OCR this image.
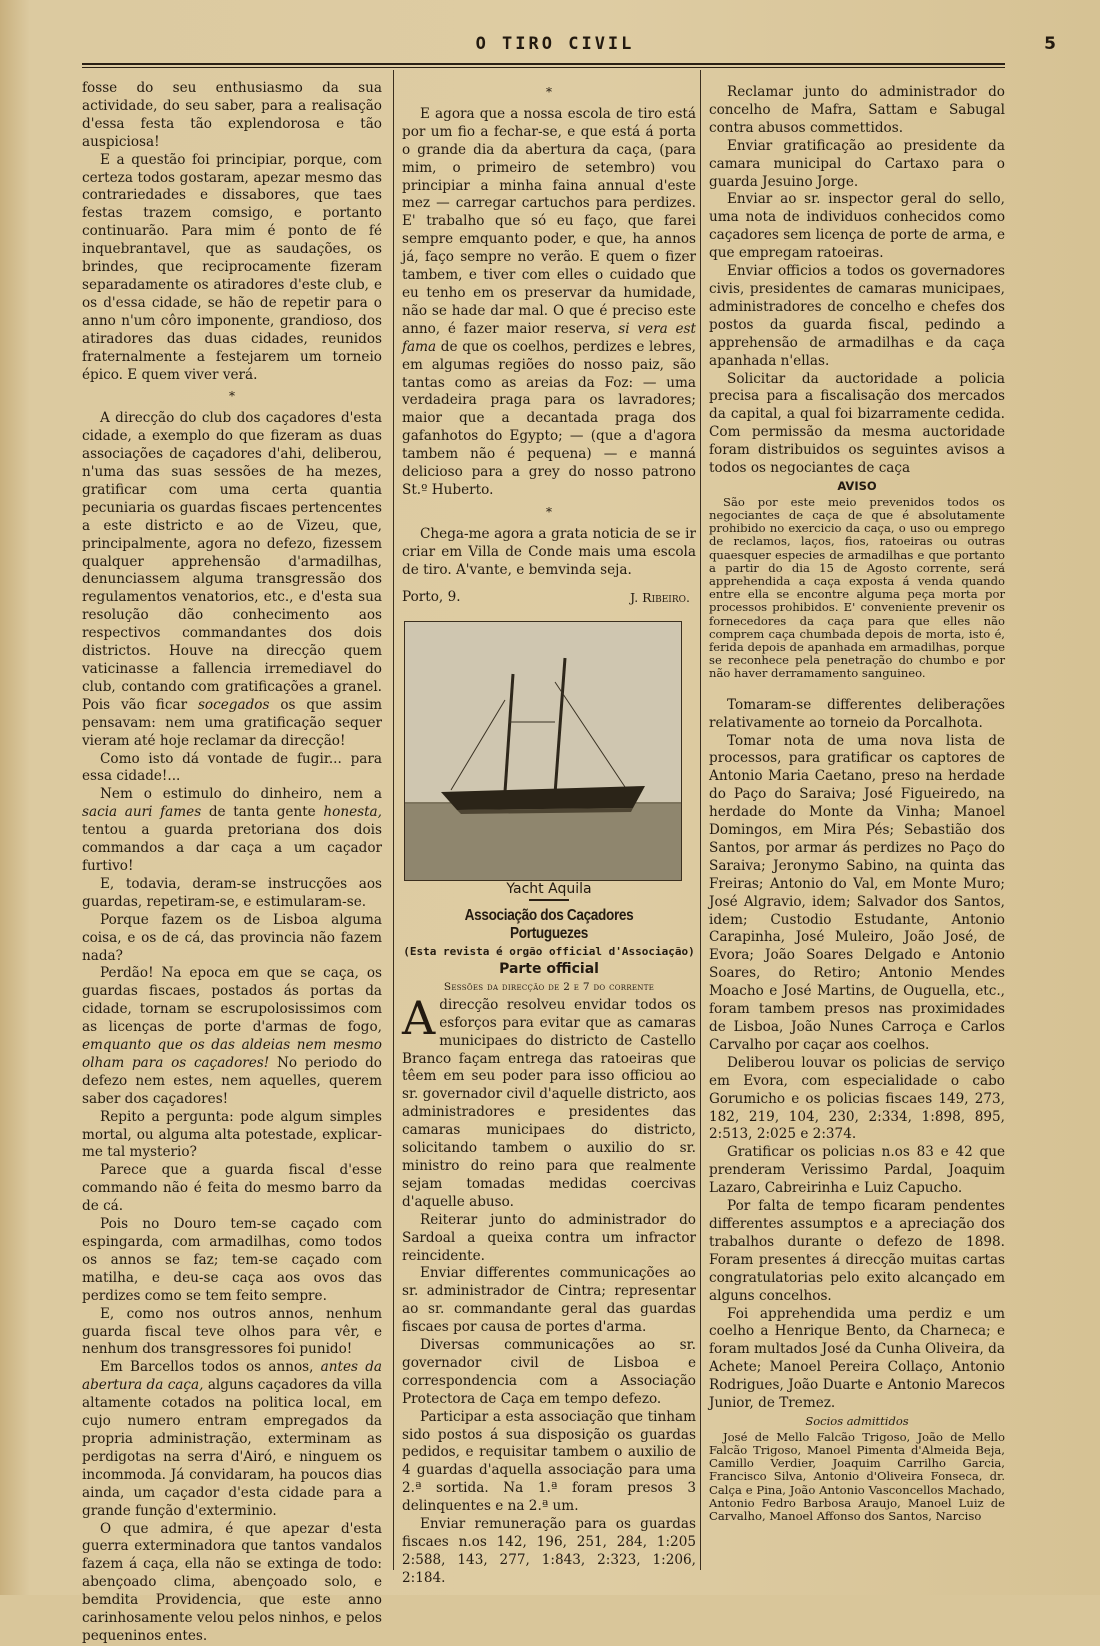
O TIRO CIVIL	5

fosse do seu enthusiasmo da sua actividade, do seu saber, para a realisação d'essa festa tão explendorosa e tão auspiciosa!

E a questão foi principiar, porque, com certeza todos gostaram, apezar mesmo das contrariedades e dissabores, que taes festas trazem comsigo, e portanto continuarão. Para mim é ponto de fé inquebrantavel, que as saudações, os brindes, que reciprocamente fizeram separadamente os atiradores d'este club, e os d'essa cidade, se hão de repetir para o anno n'um côro imponente, grandioso, dos atiradores das duas cidades, reunidos fraternalmente a festejarem um torneio épico. E quem viver verá.

*

A direcção do club dos caçadores d'esta cidade, a exemplo do que fizeram as duas associações de caçadores d'ahi, deliberou, n'uma das suas sessões de ha mezes, gratificar com uma certa quantia pecuniaria os guardas fiscaes pertencentes a este districto e ao de Vizeu, que, principalmente, agora no defezo, fizessem qualquer apprehensão d'armadilhas, denunciassem alguma transgressão dos regulamentos venatorios, etc., e d'esta sua resolução dão conhecimento aos respectivos commandantes dos dois districtos. Houve na direcção quem vaticinasse a fallencia irremediavel do club, contando com gratificações a granel. Pois vão ficar socegados os que assim pensavam: nem uma gratificação sequer vieram até hoje reclamar da direcção!

Como isto dá vontade de fugir... para essa cidade!...

Nem o estimulo do dinheiro, nem a sacia auri fames de tanta gente honesta, tentou a guarda pretoriana dos dois commandos a dar caça a um caçador furtivo!

E, todavia, deram-se instrucções aos guardas, repetiram-se, e estimularam-se.

Porque fazem os de Lisboa alguma coisa, e os de cá, das provincia não fazem nada?

Perdão! Na epoca em que se caça, os guardas fiscaes, postados ás portas da cidade, tornam se escrupolosissimos com as licenças de porte d'armas de fogo, emquanto que os das aldeias nem mesmo olham para os caçadores! No periodo do defezo nem estes, nem aquelles, querem saber dos caçadores!

Repito a pergunta: pode algum simples mortal, ou alguma alta potestade, explicar-me tal mysterio?

Parece que a guarda fiscal d'esse commando não é feita do mesmo barro da de cá.

Pois no Douro tem-se caçado com espingarda, com armadilhas, como todos os annos se faz; tem-se caçado com matilha, e deu-se caça aos ovos das perdizes como se tem feito sempre.

E, como nos outros annos, nenhum guarda fiscal teve olhos para vêr, e nenhum dos transgressores foi punido!

Em Barcellos todos os annos, antes da abertura da caça, alguns caçadores da villa altamente cotados na politica local, em cujo numero entram empregados da propria administração, exterminam as perdigotas na serra d'Airó, e ninguem os incommoda. Já convidaram, ha poucos dias ainda, um caçador d'esta cidade para a grande função d'exterminio.

O que admira, é que apezar d'esta guerra exterminadora que tantos vandalos fazem á caça, ella não se extinga de todo: abençoado clima, abençoado solo, e bemdita Providencia, que este anno carinhosamente velou pelos ninhos, e pelos pequeninos entes.

*

E agora que a nossa escola de tiro está por um fio a fechar-se, e que está á porta o grande dia da abertura da caça, (para mim, o primeiro de setembro) vou principiar a minha faina annual d'este mez — carregar cartuchos para perdizes. E' trabalho que só eu faço, que farei sempre emquanto poder, e que, ha annos já, faço sempre no verão. E quem o fizer tambem, e tiver com elles o cuidado que eu tenho em os preservar da humidade, não se hade dar mal. O que é preciso este anno, é fazer maior reserva, si vera est fama de que os coelhos, perdizes e lebres, em algumas regiões do nosso paiz, são tantas como as areias da Foz: — uma verdadeira praga para os lavradores; maior que a decantada praga dos gafanhotos do Egypto; — (que a d'agora tambem não é pequena) — e manná delicioso para a grey do nosso patrono St.º Huberto.

*

Chega-me agora a grata noticia de se ir criar em Villa de Conde mais uma escola de tiro. A'vante, e bemvinda seja.

Porto, 9.	J. Ribeiro.

Yacht Aquila

Associação dos Caçadores Portuguezes

(Esta revista é orgão official d'Associação)

Parte official

Sessões da direcção de 2 e 7 do corrente

Adirecção resolveu envidar todos os esforços para evitar que as camaras municipaes do districto de Castello Branco façam entrega das ratoeiras que têem em seu poder para isso officiou ao sr. governador civil d'aquelle districto, aos administradores e presidentes das camaras municipaes do districto, solicitando tambem o auxilio do sr. ministro do reino para que realmente sejam tomadas medidas coercivas d'aquelle abuso.

Reiterar junto do administrador do Sardoal a queixa contra um infractor reincidente.

Enviar differentes communicações ao sr. administrador de Cintra; representar ao sr. commandante geral das guardas fiscaes por causa de portes d'arma.

Diversas communicações ao sr. governador civil de Lisboa e correspondencia com a Associação Protectora de Caça em tempo defezo.

Participar a esta associação que tinham sido postos á sua disposição os guardas pedidos, e requisitar tambem o auxilio de 4 guardas d'aquella associação para uma 2.ª sortida. Na 1.ª foram presos 3 delinquentes e na 2.ª um.

Enviar remuneração para os guardas fiscaes n.os 142, 196, 251, 284, 1:205 2:588, 143, 277, 1:843, 2:323, 1:206, 2:184.

Reclamar junto do administrador do concelho de Mafra, Sattam e Sabugal contra abusos commettidos.

Enviar gratificação ao presidente da camara municipal do Cartaxo para o guarda Jesuino Jorge.

Enviar ao sr. inspector geral do sello, uma nota de individuos conhecidos como caçadores sem licença de porte de arma, e que empregam ratoeiras.

Enviar officios a todos os governadores civis, presidentes de camaras municipaes, administradores de concelho e chefes dos postos da guarda fiscal, pedindo a apprehensão de armadilhas e da caça apanhada n'ellas.

Solicitar da auctoridade a policia precisa para a fiscalisação dos mercados da capital, a qual foi bizarramente cedida. Com permissão da mesma auctoridade foram distribuidos os seguintes avisos a todos os negociantes de caça

AVISO

São por este meio prevenidos todos os negociantes de caça de que é absolutamente prohibido no exercicio da caça, o uso ou emprego de reclamos, laços, fios, ratoeiras ou outras quaesquer especies de armadilhas e que portanto a partir do dia 15 de Agosto corrente, será apprehendida a caça exposta á venda quando entre ella se encontre alguma peça morta por processos prohibidos. E' conveniente prevenir os fornecedores da caça para que elles não comprem caça chumbada depois de morta, isto é, ferida depois de apanhada em armadilhas, porque se reconhece pela penetração do chumbo e por não haver derramamento sanguineo.

Tomaram-se differentes deliberações relativamente ao torneio da Porcalhota.

Tomar nota de uma nova lista de processos, para gratificar os captores de Antonio Maria Caetano, preso na herdade do Paço do Saraiva; José Figueiredo, na herdade do Monte da Vinha; Manoel Domingos, em Mira Pés; Sebastião dos Santos, por armar ás perdizes no Paço do Saraiva; Jeronymo Sabino, na quinta das Freiras; Antonio do Val, em Monte Muro; José Algravio, idem; Salvador dos Santos, idem; Custodio Estudante, Antonio Carapinha, José Muleiro, João José, de Evora; João Soares Delgado e Antonio Soares, do Retiro; Antonio Mendes Moacho e José Martins, de Ouguella, etc., foram tambem presos nas proximidades de Lisboa, João Nunes Carroça e Carlos Carvalho por caçar aos coelhos.

Deliberou louvar os policias de serviço em Evora, com especialidade o cabo Gorumicho e os policias fiscaes 149, 273, 182, 219, 104, 230, 2:334, 1:898, 895, 2:513, 2:025 e 2:374.

Gratificar os policias n.os 83 e 42 que prenderam Verissimo Pardal, Joaquim Lazaro, Cabreirinha e Luiz Capucho.

Por falta de tempo ficaram pendentes differentes assumptos e a apreciação dos trabalhos durante o defezo de 1898. Foram presentes á direcção muitas cartas congratulatorias pelo exito alcançado em alguns concelhos.

Foi apprehendida uma perdiz e um coelho a Henrique Bento, da Charneca; e foram multados José da Cunha Oliveira, da Achete; Manoel Pereira Collaço, Antonio Rodrigues, João Duarte e Antonio Marecos Junior, de Tremez.

Socios admittidos

José de Mello Falcão Trigoso, João de Mello Falcão Trigoso, Manoel Pimenta d'Almeida Beja, Camillo Verdier, Joaquim Carrilho Garcia, Francisco Silva, Antonio d'Oliveira Fonseca, dr. Calça e Pina, João Antonio Vasconcellos Machado, Antonio Fedro Barbosa Araujo, Manoel Luiz de Carvalho, Manoel Affonso dos Santos, Narciso
